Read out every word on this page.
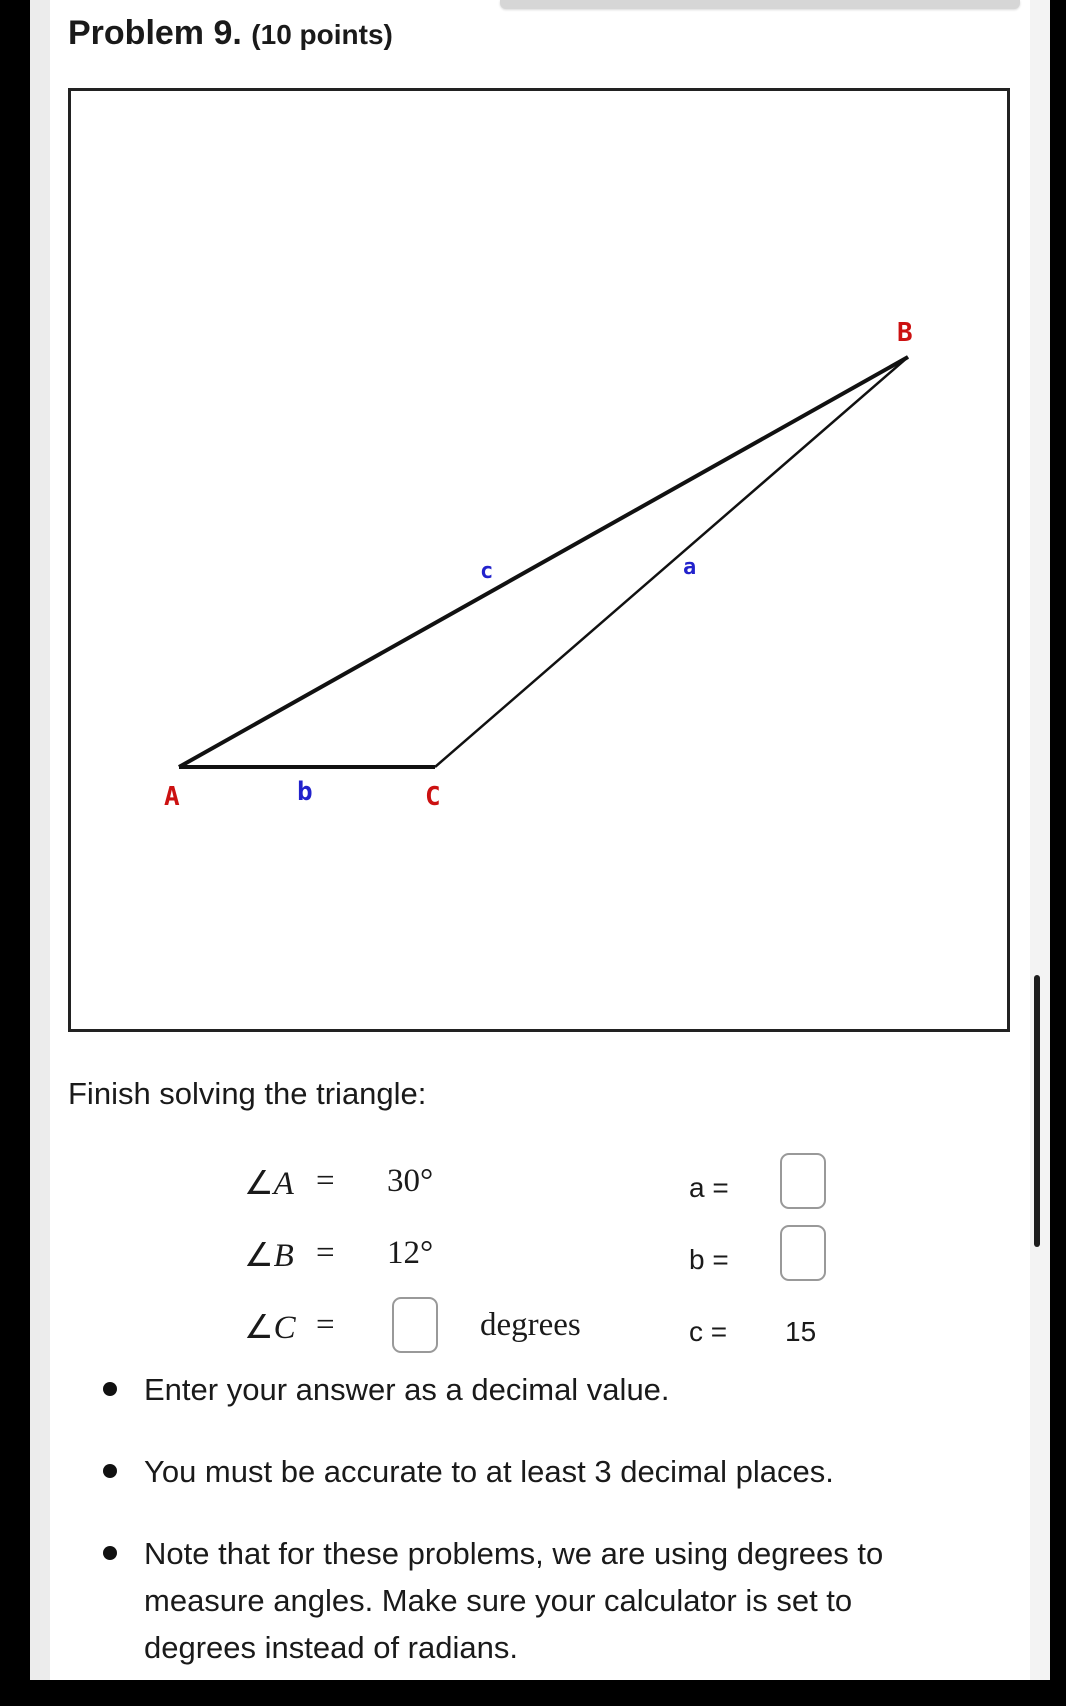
Problem 9. (10 points)
A	b	C
c	a
B
Finish solving the triangle:
∠A = 30°
∠B = 12°
∠C =	degrees
a =
b =
c = 15
Enter your answer as a decimal value.
You must be accurate to at least 3 decimal places.
Note that for these problems, we are using degrees to measure angles. Make sure your calculator is set to degrees instead of radians.
